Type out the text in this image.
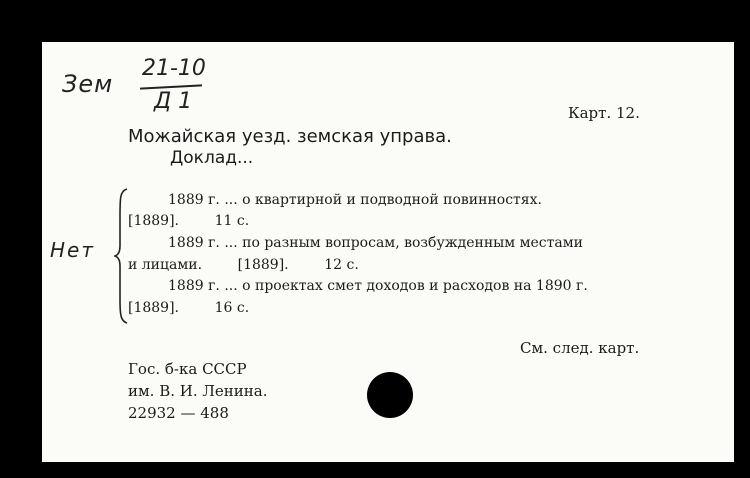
Зем
21-10
Д 1	Карт. 12.
Можайская уезд. земская управа.
Доклад...
Нет
1889 г. ... о квартирной и подводной повинностях.
[1889].        11 с.
1889 г. ... по разным вопросам, возбужденным местами
и лицами.        [1889].        12 с.
1889 г. ... о проектах смет доходов и расходов на 1890 г.
[1889].        16 с.
См. след. карт.
Гос. б-ка СССР
им. В. И. Ленина.
22932 — 488
